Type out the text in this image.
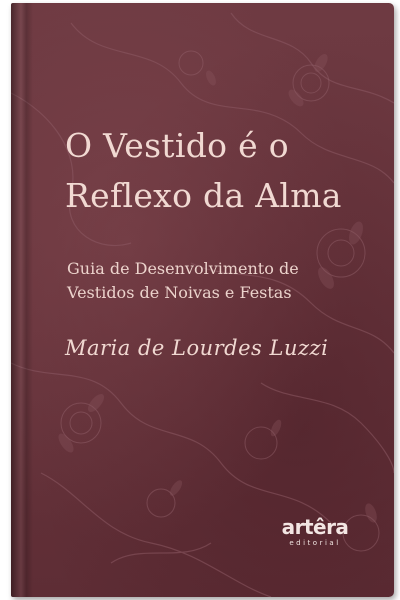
O Vestido é o
Reflexo da Alma

Guia de Desenvolvimento de
Vestidos de Noivas e Festas

Maria de Lourdes Luzzi
artêra
editorial
